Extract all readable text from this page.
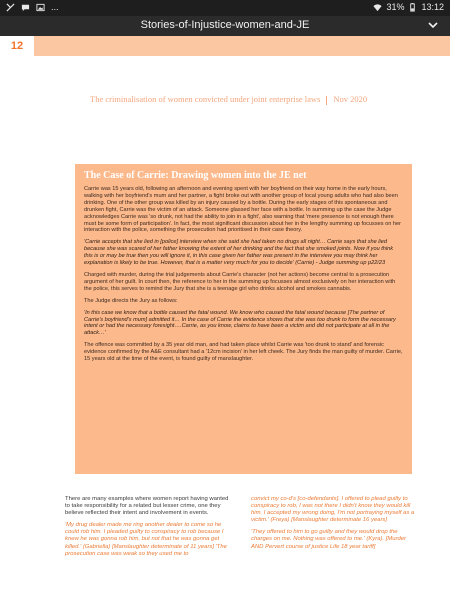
...	31% 13:12
Stories-of-Injustice-women-and-JE
12
The criminalisation of women convicted under joint enterprise laws Nov 2020
The Case of Carrie: Drawing women into the JE net

Carrie was 15 years old, following an afternoon and evening spent with her boyfriend on their way home in the early hours, walking with her boyfriend's mum and her partner, a fight broke out with another group of local young adults who had also been drinking. One of the other group was killed by an injury caused by a bottle. During the early stages of this spontaneous and drunken fight, Carrie was the victim of an attack. Someone glassed her face with a bottle. In summing up the case the Judge acknowledges Carrie was 'so drunk, not had the ability to join in a fight', also warning that 'mere presence is not enough there must be some form of participation'. In fact, the most significant discussion about her in the lengthy summing up focusses on her interaction with the police, something the prosecution had prioritised in their case theory.

'Carrie accepts that she lied in [police] interview when she said she had taken no drugs all night… Carrie says that she lied because she was scared of her father knowing the extent of her drinking and the fact that she smoked joints. Now if you think this is or may be true then you will ignore it, in this case given her father was present in the interview you may think her explanation is likely to be true. However, that is a matter very much for you to decide' (Carrie) - Judge summing up p22/23

Charged with murder, during the trial judgements about Carrie's character (not her actions) become central to a prosecution argument of her guilt. In court then, the reference to her in the summing up focusses almost exclusively on her interaction with the police, this serves to remind the Jury that she is a teenage girl who drinks alcohol and smokes cannabis.

The Judge directs the Jury as follows:

'In this case we know that a bottle caused the fatal wound. We know who caused the fatal wound because [The partner of Carrie's boyfriend's mum] admitted it… In the case of Carrie the evidence shows that she was too drunk to form the necessary intent or had the necessary foresight….Carrie, as you know, claims to have been a victim and did not participate at all in the attack…'

The offence was committed by a 35 year old man, and had taken place whilst Carrie was 'too drunk to stand' and forensic evidence confirmed by the A&E consultant had a '12cm incision' in her left cheek. The Jury finds the man guilty of murder. Carrie, 15 years old at the time of the event, is found guilty of manslaughter.

There are many examples where women report having wanted to take responsibility for a related but lesser crime, one they believe reflected their intent and involvement in events.

'My drug dealer made me ring another dealer to come so he could rob him. I pleaded guilty to conspiracy to rob because I knew he was gonna rob him, but not that he was gonna get killed.' (Gabriella) [Manslaughter determinate of 11 years] 'The prosecution case was weak so they used me to

convict my co-d's [co-defendants]. I offered to plead guilty to conspiracy to rob, I was not there I didn't know they would kill him. I accepted my wrong doing, I'm not portraying myself as a victim.' (Freya) [Manslaughter determinate 16 years]

'They offered to him to go guilty and they would drop the charges on me. Nothing was offered to me.' (Kyra). [Murder AND Pervert course of justice Life 18 year tariff]
